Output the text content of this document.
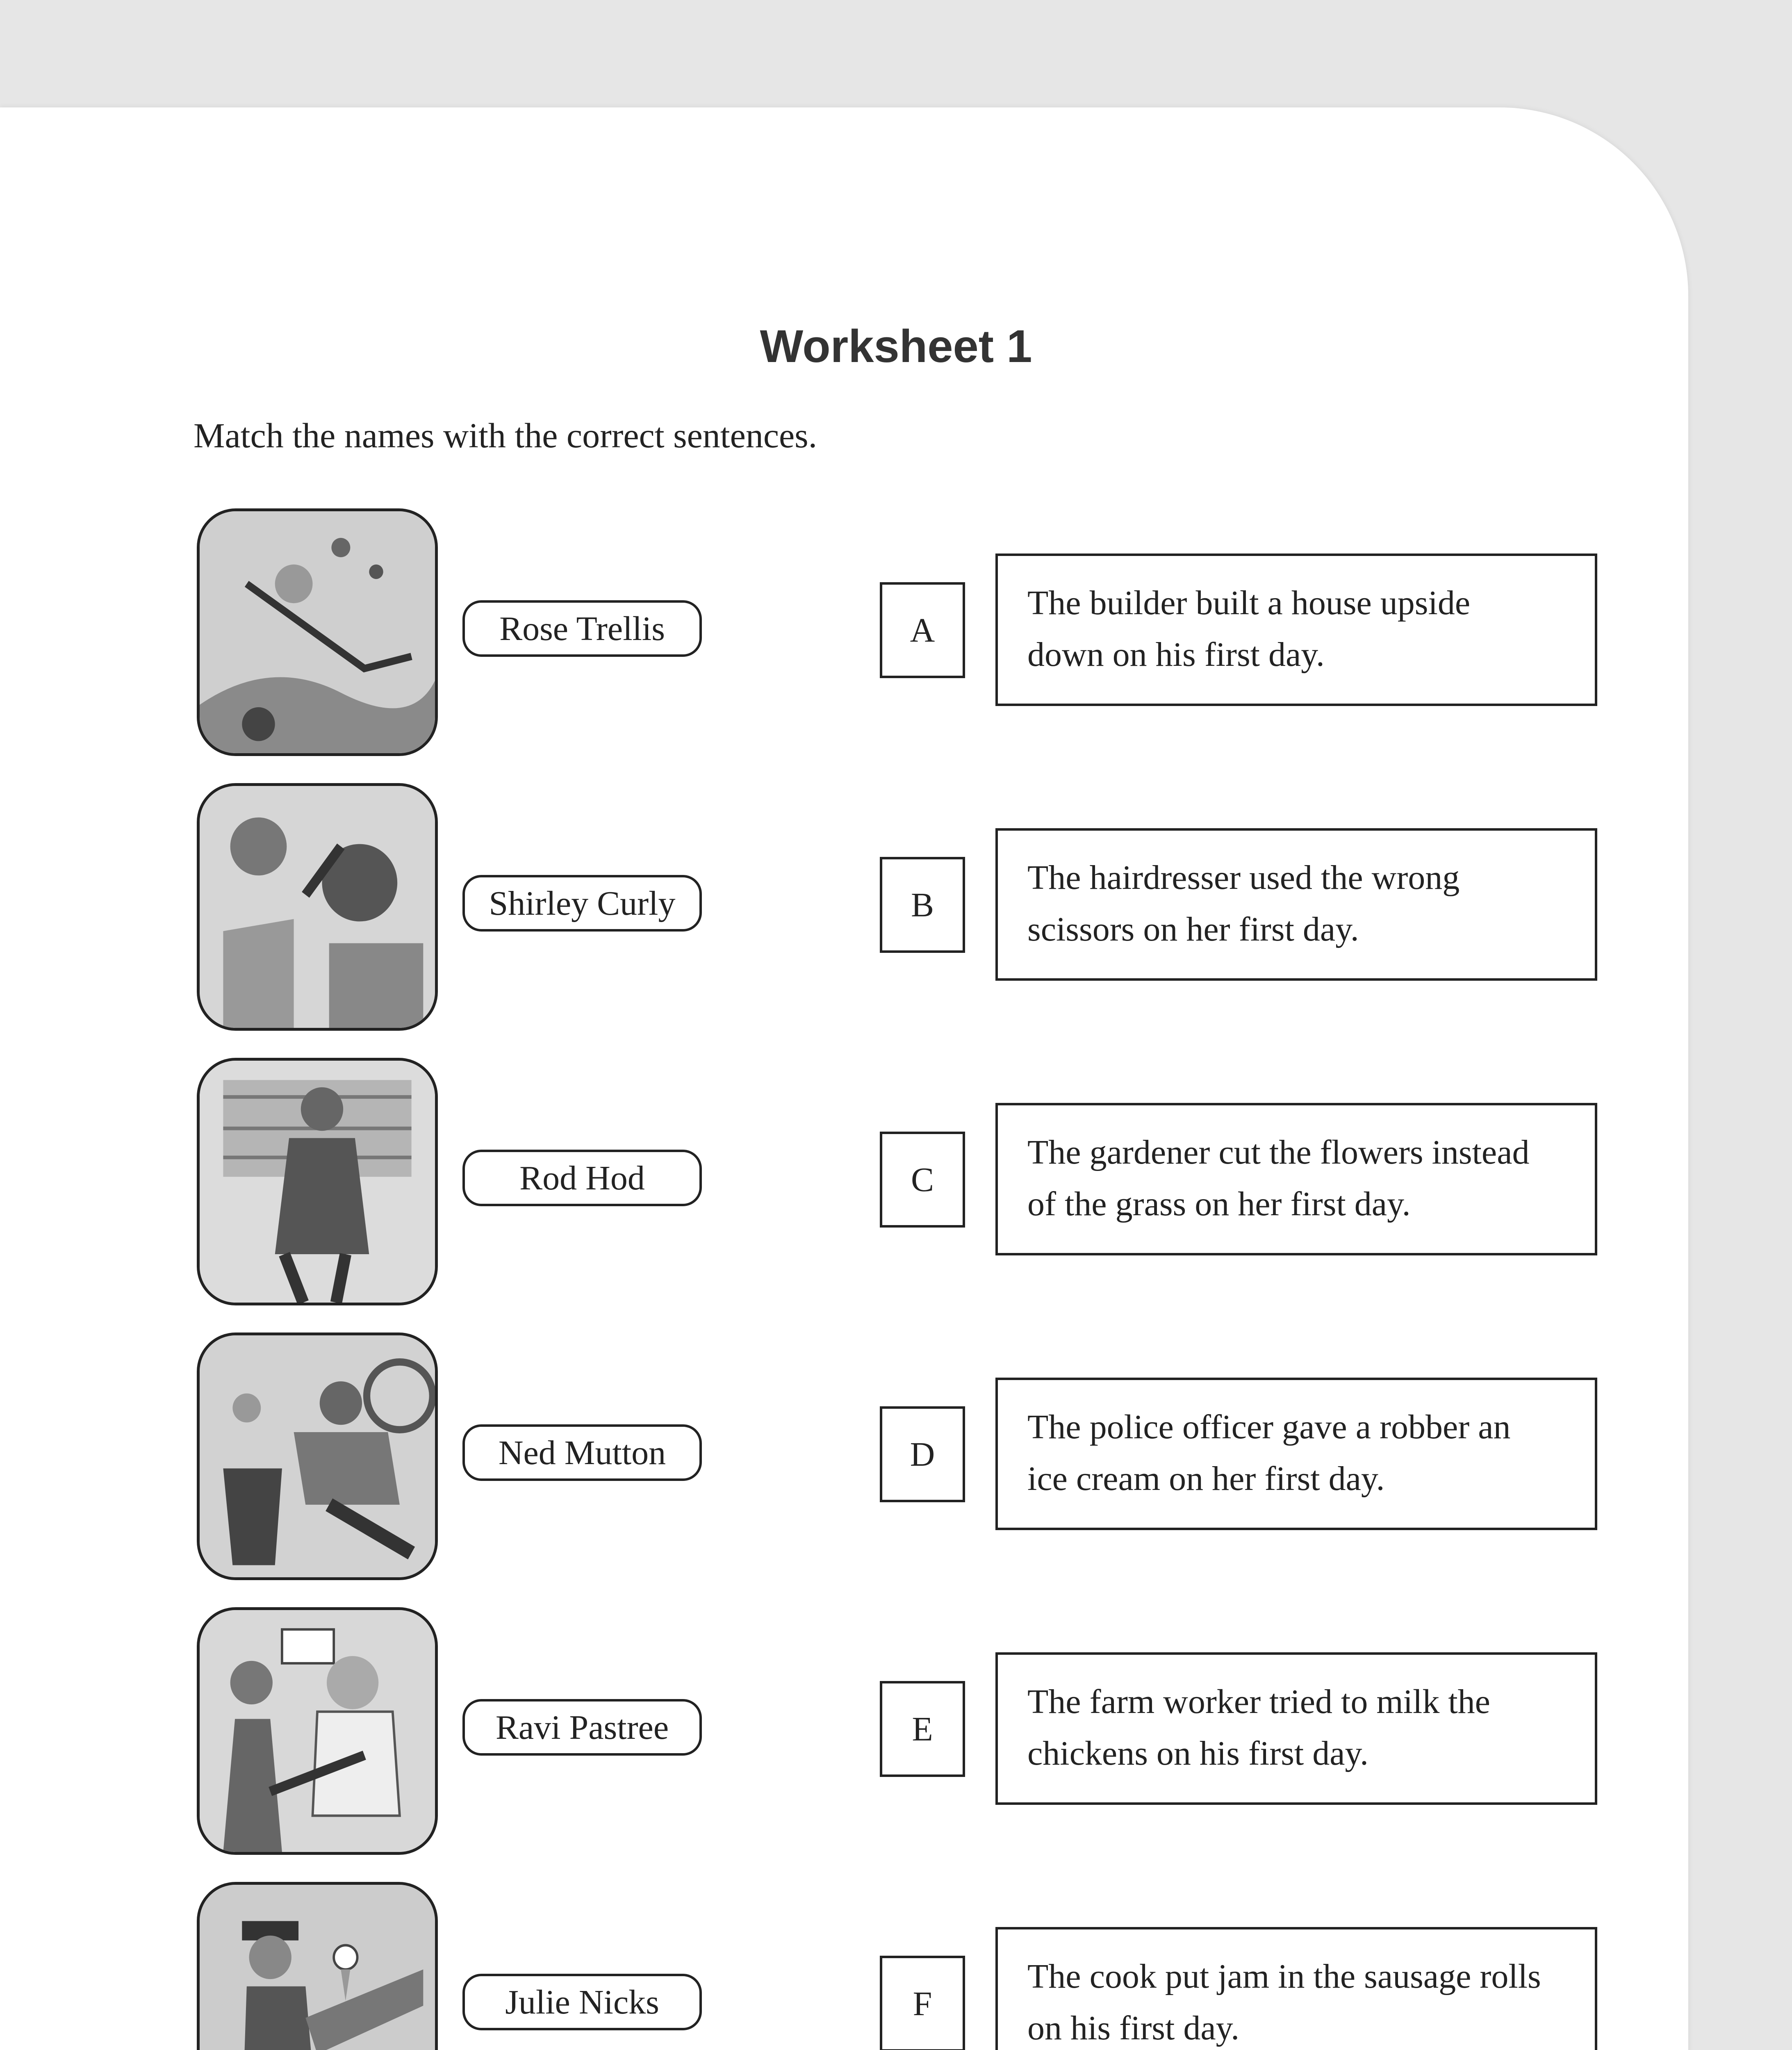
Worksheet 1
Match the names with the correct sentences.
Rose Trellis	A
The builder built a house upside
down on his first day.
Shirley Curly	B
The hairdresser used the wrong
scissors on her first day.
Rod Hod	C
The gardener cut the flowers instead
of the grass on her first day.
Ned Mutton	D
The police officer gave a robber an
ice cream on her first day.
Ravi Pastree	E
The farm worker tried to milk the
chickens on his first day.
Julie Nicks	F
The cook put jam in the sausage rolls
on his first day.
